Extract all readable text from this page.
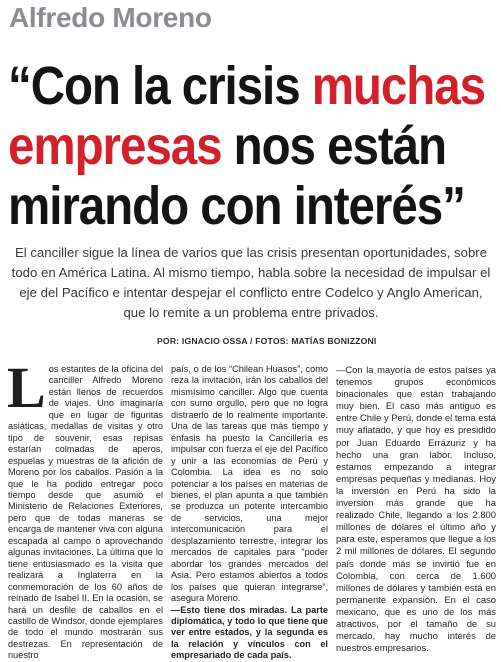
Alfredo Moreno
“Con la crisis muchas
empresas nos están
mirando con interés”
El canciller sigue la línea de varios que las crisis presentan oportunidades, sobre todo en América Latina. Al mismo tiempo, habla sobre la necesidad de impulsar el eje del Pacífico e intentar despejar el conflicto entre Codelco y Anglo American, que lo remite a un problema entre privados.
POR: IGNACIO OSSA / FOTOS: MATÍAS BONIZZONI

Los estantes de la oficina del canciller Alfredo Moreno están llenos de recuerdos de viajes. Uno imaginaría que en lugar de figuritas asiáticas, medallas de visitas y otro tipo de souvenir, esas repisas estarían colmadas de aperos, espuelas y muestras de la afición de Moreno por los caballos. Pasión a la que le ha podido entregar poco tiempo desde que asumió el Ministerio de Relaciones Exteriores, pero que de todas maneras se encarga de mantener viva con alguna escapada al campo o aprovechando algunas invitaciones. La última que lo tiene entusiasmado es la visita que realizará a Inglaterra en la conmemoración de los 60 años de reinado de Isabel II. En la ocasión, se hará un desfile de caballos en el castillo de Windsor, donde ejemplares de todo el mundo mostrarán sus destrezas. En representación de nuestro

país, o de los “Chilean Huasos”, como reza la invitación, irán los caballos del mismísimo canciller. Algo que cuenta con sumo orgullo, pero que no logra distraerlo de lo realmente importante. Una de las tareas que más tiempo y énfasis ha puesto la Cancillería es impulsar con fuerza el eje del Pacífico y unir a las economías de Perú y Colombia. La idea es no solo potenciar a los países en materias de bienes, el plan apunta a que también se produzca un potente intercambio de servicios, una mejor intercomunicación para el desplazamiento terrestre, integrar los mercados de capitales para “poder abordar los grandes mercados del Asia. Pero estamos abiertos a todos los países que quieran integrarse”, asegura Moreno.

—Esto tiene dos miradas. La parte diplomática, y todo lo que tiene que ver entre estados, y la segunda es la relación y vínculos con el empresariado de cada país.

—Con la mayoría de estos países ya tenemos grupos económicos binacionales que están trabajando muy bien. El caso más antiguo es entre Chile y Perú, donde el tema está muy afiatado, y que hoy es presidido por Juan Eduardo Errázuriz y ha hecho una gran labor. Incluso, estamos empezando a integrar empresas pequeñas y medianas. Hoy la inversión en Perú ha sido la inversión más grande que ha realizado Chile, llegando a los 2.800 millones de dólares el último año y para este, esperamos que llegue a los 2 mil millones de dólares. El segundo país donde más se invirtió fue en Colombia, con cerca de 1.600 millones de dólares y también está en permanente expansión. En el caso mexicano, que es uno de los más atractivos, por el tamaño de su mercado, hay mucho interés de nuestros empresarios.
